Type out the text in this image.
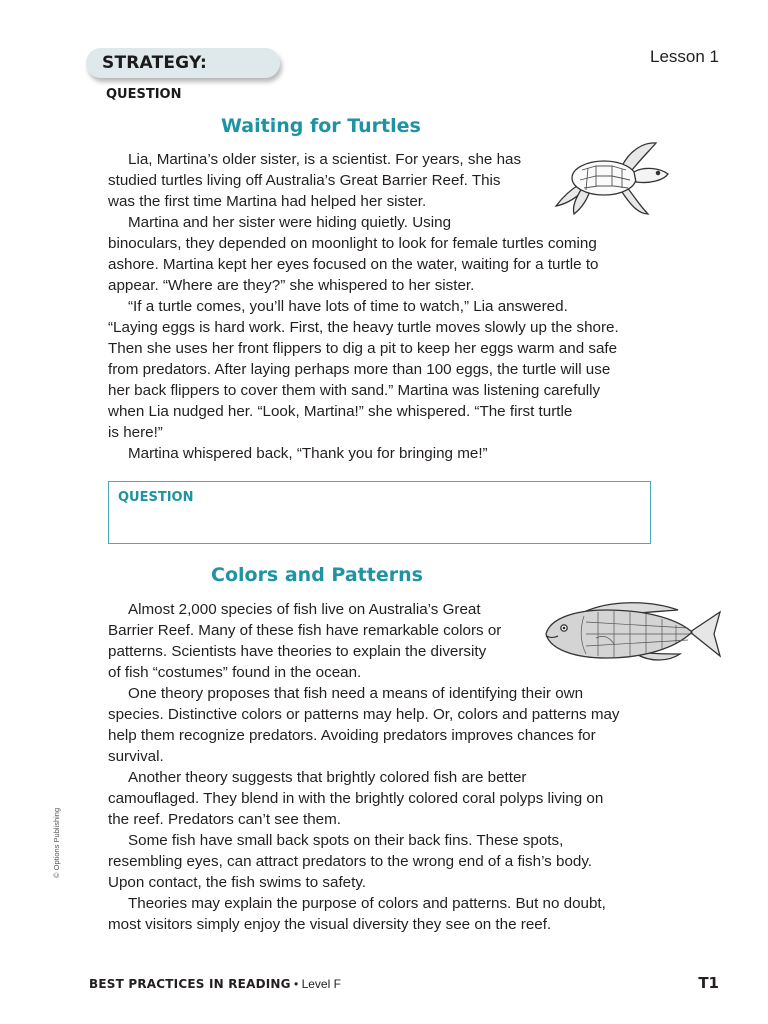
STRATEGY: QUESTION
Lesson 1
Waiting for Turtles
Lia, Martina’s older sister, is a scientist. For years, she has
studied turtles living off Australia’s Great Barrier Reef. This
was the first time Martina had helped her sister.
Martina and her sister were hiding quietly. Using
binoculars, they depended on moonlight to look for female turtles coming
ashore. Martina kept her eyes focused on the water, waiting for a turtle to
appear. “Where are they?” she whispered to her sister.
“If a turtle comes, you’ll have lots of time to watch,” Lia answered.
“Laying eggs is hard work. First, the heavy turtle moves slowly up the shore.
Then she uses her front flippers to dig a pit to keep her eggs warm and safe
from predators. After laying perhaps more than 100 eggs, the turtle will use
her back flippers to cover them with sand.” Martina was listening carefully
when Lia nudged her. “Look, Martina!” she whispered. “The first turtle
is here!”
Martina whispered back, “Thank you for bringing me!”
QUESTION
Colors and Patterns
Almost 2,000 species of fish live on Australia’s Great
Barrier Reef. Many of these fish have remarkable colors or
patterns. Scientists have theories to explain the diversity
of fish “costumes” found in the ocean.
One theory proposes that fish need a means of identifying their own
species. Distinctive colors or patterns may help. Or, colors and patterns may
help them recognize predators. Avoiding predators improves chances for
survival.
Another theory suggests that brightly colored fish are better
camouflaged. They blend in with the brightly colored coral polyps living on
the reef. Predators can’t see them.
Some fish have small back spots on their back fins. These spots,
resembling eyes, can attract predators to the wrong end of a fish’s body.
Upon contact, the fish swims to safety.
Theories may explain the purpose of colors and patterns. But no doubt,
most visitors simply enjoy the visual diversity they see on the reef.
© Options Publishing
BEST PRACTICES IN READING • Level F	T1
